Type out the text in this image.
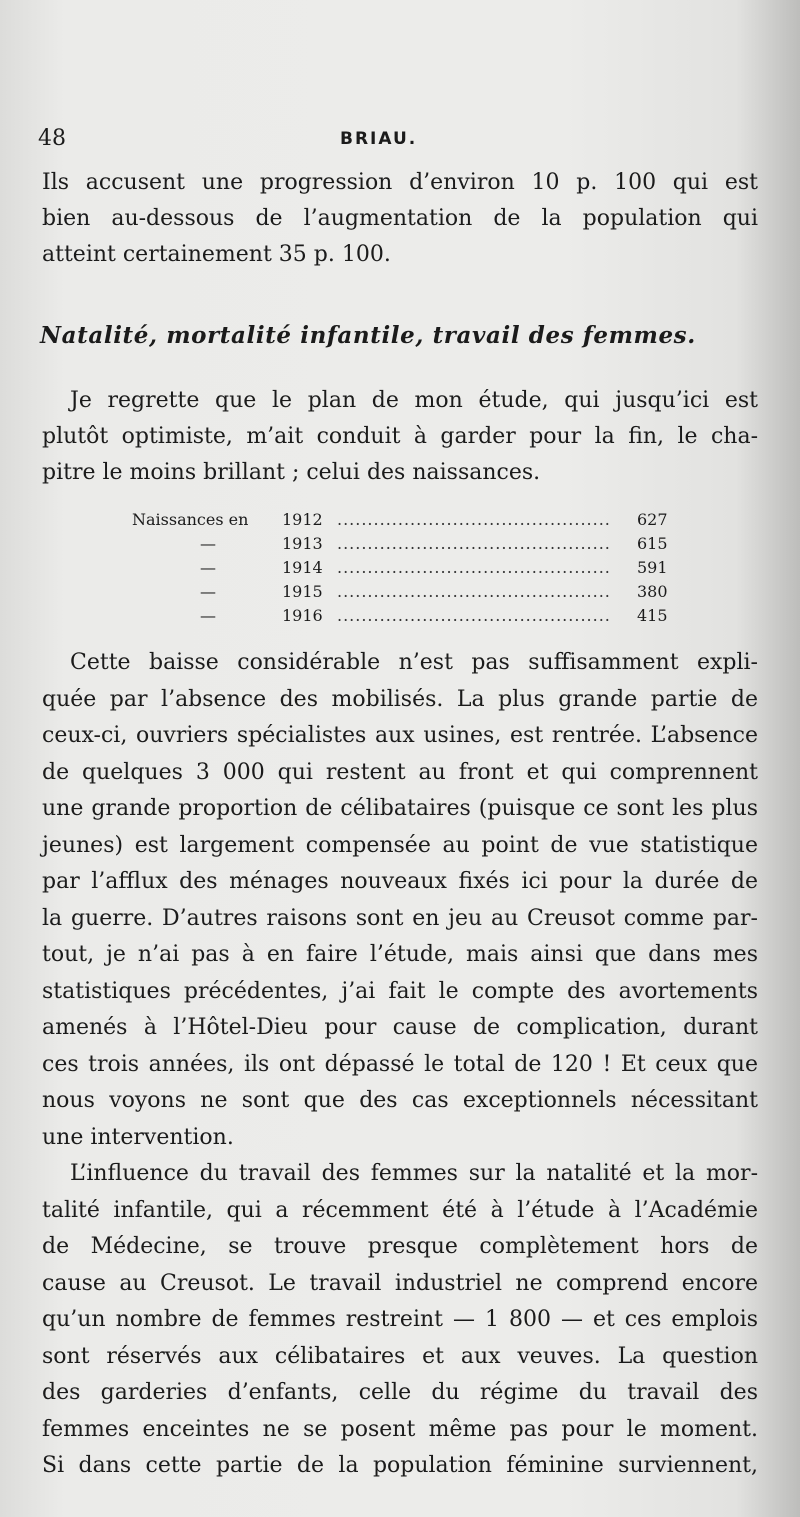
48	BRIAU.
Ils accusent une progression d’environ 10 p. 100 qui est
bien au-dessous de l’augmentation de la population qui
atteint certainement 35 p. 100.
Natalité, mortalité infantile, travail des femmes.
Je regrette que le plan de mon étude, qui jusqu’ici est
plutôt optimiste, m’ait conduit à garder pour la fin, le cha-
pitre le moins brillant ; celui des naissances.
Naissances en	1912 .....	627
—	1913 .....	615
—	1914 .....	591
—	1915 .....	380
—	1916 .....	415
Cette baisse considérable n’est pas suffisamment expli-
quée par l’absence des mobilisés. La plus grande partie de
ceux-ci, ouvriers spécialistes aux usines, est rentrée. L’absence
de quelques 3 000 qui restent au front et qui comprennent
une grande proportion de célibataires (puisque ce sont les plus
jeunes) est largement compensée au point de vue statistique
par l’afflux des ménages nouveaux fixés ici pour la durée de
la guerre. D’autres raisons sont en jeu au Creusot comme par-
tout, je n’ai pas à en faire l’étude, mais ainsi que dans mes
statistiques précédentes, j’ai fait le compte des avortements
amenés à l’Hôtel-Dieu pour cause de complication, durant
ces trois années, ils ont dépassé le total de 120 ! Et ceux que
nous voyons ne sont que des cas exceptionnels nécessitant
une intervention.
L’influence du travail des femmes sur la natalité et la mor-
talité infantile, qui a récemment été à l’étude à l’Académie
de Médecine, se trouve presque complètement hors de
cause au Creusot. Le travail industriel ne comprend encore
qu’un nombre de femmes restreint — 1 800 — et ces emplois
sont réservés aux célibataires et aux veuves. La question
des garderies d’enfants, celle du régime du travail des
femmes enceintes ne se posent même pas pour le moment.
Si dans cette partie de la population féminine surviennent,
